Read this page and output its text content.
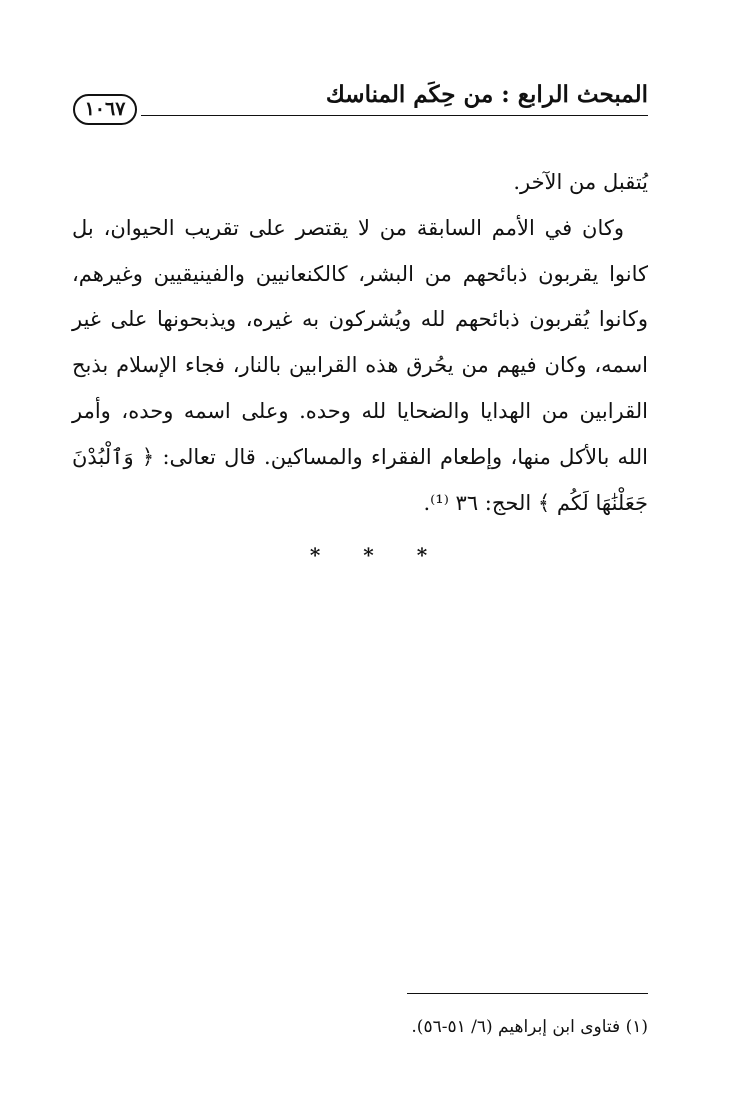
المبحث الرابع : من حِكَم المناسك
١٠٦٧

يُتقبل من الآخر.

وكان في الأمم السابقة من لا يقتصر على تقريب الحيوان، بل كانوا يقربون ذبائحهم من البشر، كالكنعانيين والفينيقيين وغيرهم، وكانوا يُقربون ذبائحهم لله ويُشركون به غيره، ويذبحونها على غير اسمه، وكان فيهم من يحُرق هذه القرابين بالنار، فجاء الإسلام بذبح القرابين من الهدايا والضحايا لله وحده. وعلى اسمه وحده، وأمر الله بالأكل منها، وإطعام الفقراء والمساكين. قال تعالى: ﴿ وَٱلْبُدْنَ جَعَلْنَٰهَا لَكُم ﴾ الحج: ٣٦ ⁽¹⁾.

* * *
(١) فتاوى ابن إبراهيم (٦/ ٥١-٥٦).
